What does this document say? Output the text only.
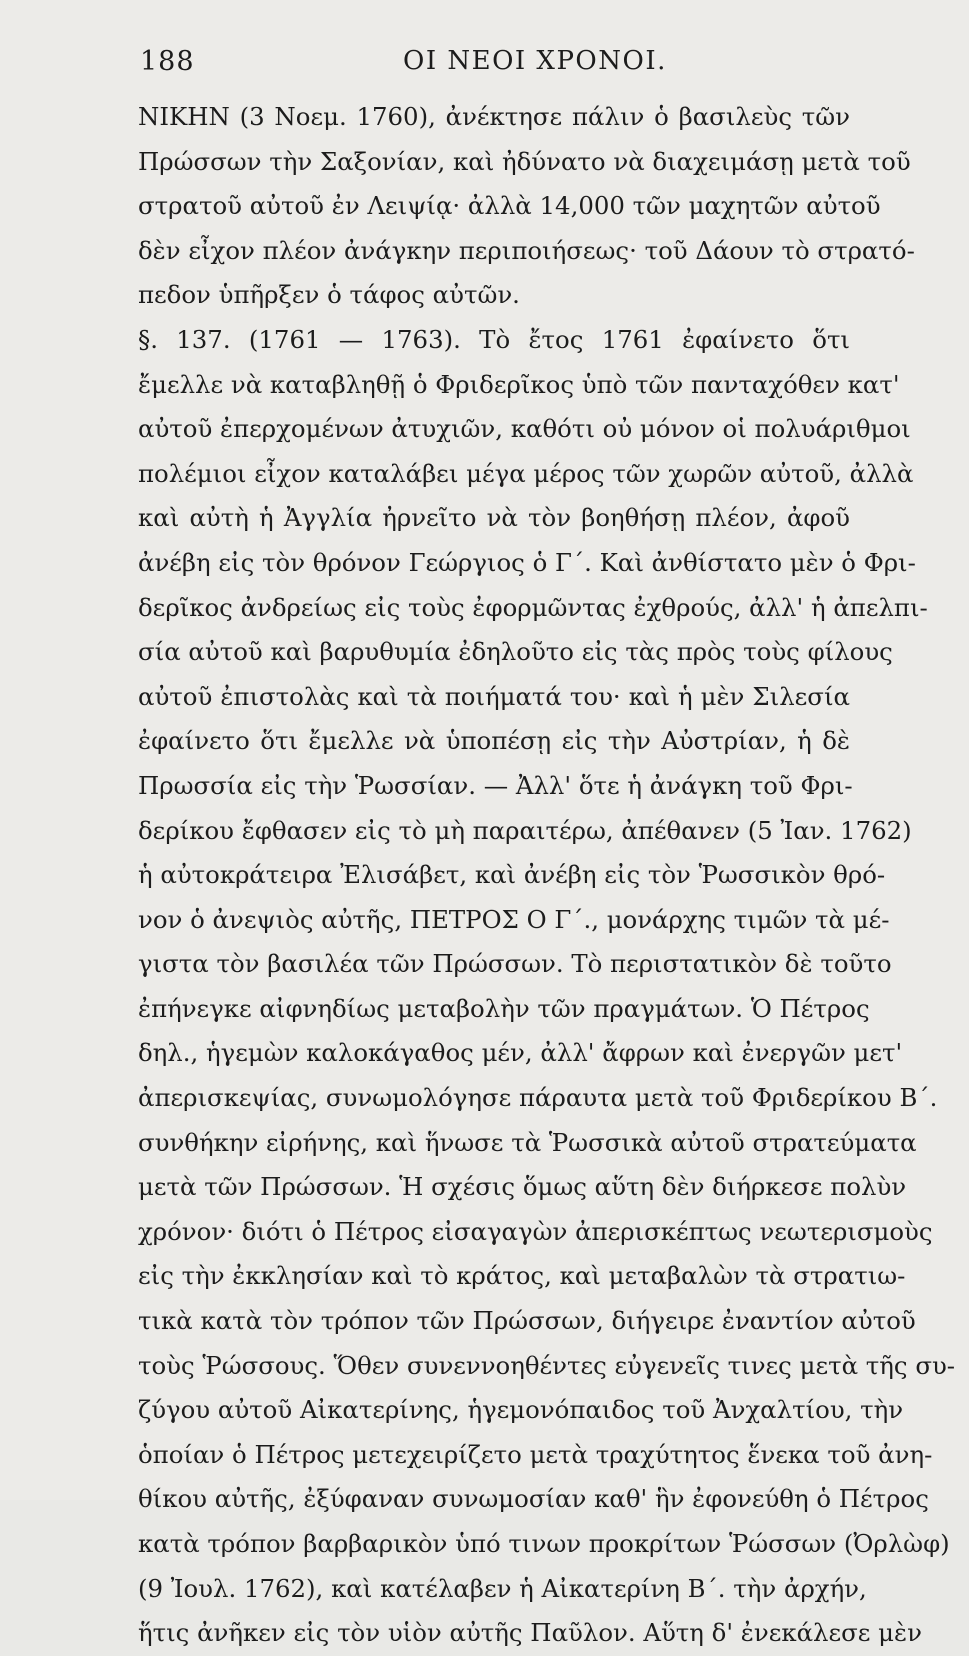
188	ΟΙ ΝΕΟΙ ΧΡΟΝΟΙ.
ΝΙΚΗΝ (3 Νοεμ. 1760), ἀνέκτησε πάλιν ὁ βασιλεὺς τῶν
Πρώσσων τὴν Σαξονίαν, καὶ ἠδύνατο νὰ διαχειμάσῃ μετὰ τοῦ
στρατοῦ αὐτοῦ ἐν Λειψίᾳ· ἀλλὰ 14,000 τῶν μαχητῶν αὐτοῦ
δὲν εἶχον πλέον ἀνάγκην περιποιήσεως· τοῦ Δάουν τὸ στρατό-
πεδον ὑπῆρξεν ὁ τάφος αὐτῶν.
§. 137. (1761 — 1763). Τὸ ἔτος 1761 ἐφαίνετο ὅτι
ἔμελλε νὰ καταβληθῇ ὁ Φριδερῖκος ὑπὸ τῶν πανταχόθεν κατ'
αὐτοῦ ἐπερχομένων ἀτυχιῶν, καθότι οὐ μόνον οἱ πολυάριθμοι
πολέμιοι εἶχον καταλάβει μέγα μέρος τῶν χωρῶν αὐτοῦ, ἀλλὰ
καὶ αὐτὴ ἡ Ἀγγλία ἠρνεῖτο νὰ τὸν βοηθήσῃ πλέον, ἀφοῦ
ἀνέβη εἰς τὸν θρόνον Γεώργιος ὁ Γ΄. Καὶ ἀνθίστατο μὲν ὁ Φρι-
δερῖκος ἀνδρείως εἰς τοὺς ἐφορμῶντας ἐχθρούς, ἀλλ' ἡ ἀπελπι-
σία αὐτοῦ καὶ βαρυθυμία ἐδηλοῦτο εἰς τὰς πρὸς τοὺς φίλους
αὐτοῦ ἐπιστολὰς καὶ τὰ ποιήματά του· καὶ ἡ μὲν Σιλεσία
ἐφαίνετο ὅτι ἔμελλε νὰ ὑποπέσῃ εἰς τὴν Αὐστρίαν, ἡ δὲ
Πρωσσία εἰς τὴν Ῥωσσίαν. — Ἀλλ' ὅτε ἡ ἀνάγκη τοῦ Φρι-
δερίκου ἔφθασεν εἰς τὸ μὴ παραιτέρω, ἀπέθανεν (5 Ἰαν. 1762)
ἡ αὐτοκράτειρα Ἐλισάβετ, καὶ ἀνέβη εἰς τὸν Ῥωσσικὸν θρό-
νον ὁ ἀνεψιὸς αὐτῆς, ΠΕΤΡΟΣ Ο Γ΄., μονάρχης τιμῶν τὰ μέ-
γιστα τὸν βασιλέα τῶν Πρώσσων. Τὸ περιστατικὸν δὲ τοῦτο
ἐπήνεγκε αἰφνηδίως μεταβολὴν τῶν πραγμάτων. Ὁ Πέτρος
δηλ., ἡγεμὼν καλοκάγαθος μέν, ἀλλ' ἄφρων καὶ ἐνεργῶν μετ'
ἀπερισκεψίας, συνωμολόγησε πάραυτα μετὰ τοῦ Φριδερίκου Β΄.
συνθήκην εἰρήνης, καὶ ἥνωσε τὰ Ῥωσσικὰ αὐτοῦ στρατεύματα
μετὰ τῶν Πρώσσων. Ἡ σχέσις ὅμως αὕτη δὲν διήρκεσε πολὺν
χρόνον· διότι ὁ Πέτρος εἰσαγαγὼν ἀπερισκέπτως νεωτερισμοὺς
εἰς τὴν ἐκκλησίαν καὶ τὸ κράτος, καὶ μεταβαλὼν τὰ στρατιω-
τικὰ κατὰ τὸν τρόπον τῶν Πρώσσων, διήγειρε ἐναντίον αὐτοῦ
τοὺς Ῥώσσους. Ὅθεν συνεννοηθέντες εὐγενεῖς τινες μετὰ τῆς συ-
ζύγου αὐτοῦ Αἰκατερίνης, ἡγεμονόπαιδος τοῦ Ἀνχαλτίου, τὴν
ὁποίαν ὁ Πέτρος μετεχειρίζετο μετὰ τραχύτητος ἕνεκα τοῦ ἀνη-
θίκου αὐτῆς, ἐξύφαναν συνωμοσίαν καθ' ἣν ἐφονεύθη ὁ Πέτρος
κατὰ τρόπον βαρβαρικὸν ὑπό τινων προκρίτων Ῥώσσων (Ὀρλὼφ)
(9 Ἰουλ. 1762), καὶ κατέλαβεν ἡ Αἰκατερίνη Β΄. τὴν ἀρχήν,
ἥτις ἀνῆκεν εἰς τὸν υἱὸν αὐτῆς Παῦλον. Αὕτη δ' ἐνεκάλεσε μὲν
